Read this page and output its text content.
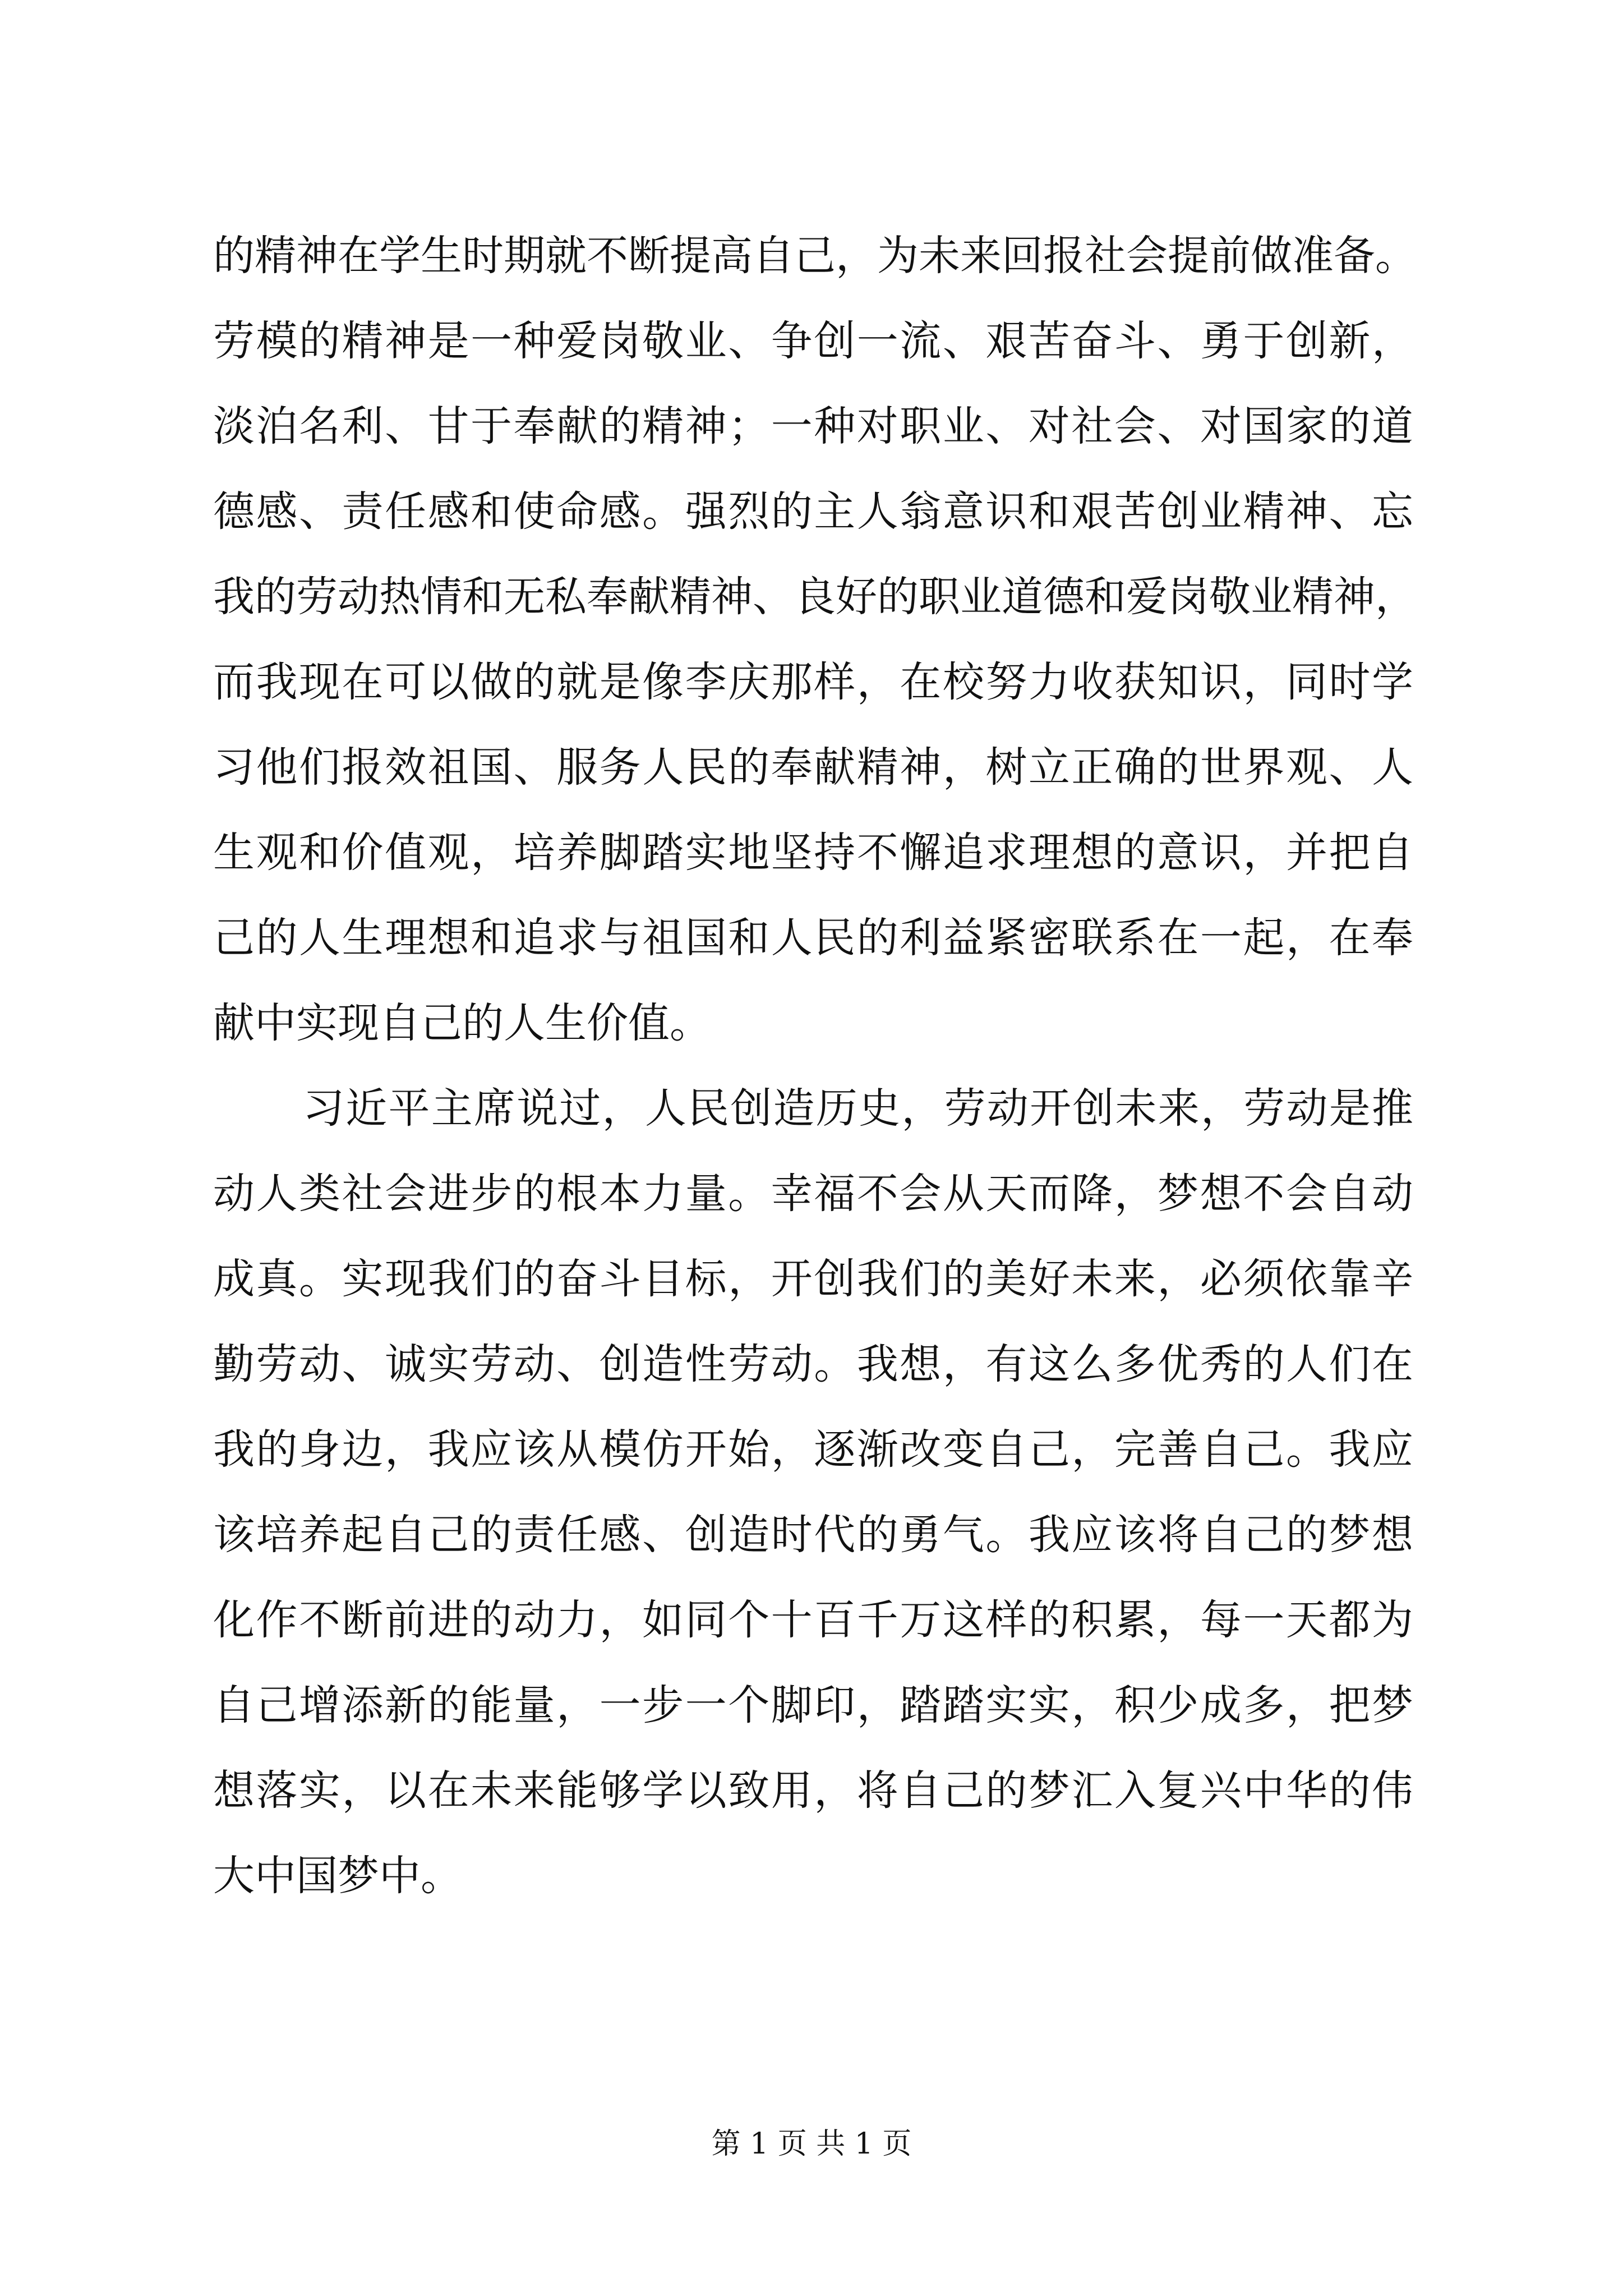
的精神在学生时期就不断提高自己，为未来回报社会提前做准备。
劳模的精神是一种爱岗敬业、争创一流、艰苦奋斗、勇于创新，
淡泊名利、甘于奉献的精神；一种对职业、对社会、对国家的道
德感、责任感和使命感。强烈的主人翁意识和艰苦创业精神、忘
我的劳动热情和无私奉献精神、良好的职业道德和爱岗敬业精神，
而我现在可以做的就是像李庆那样，在校努力收获知识，同时学
习他们报效祖国、服务人民的奉献精神，树立正确的世界观、人
生观和价值观，培养脚踏实地坚持不懈追求理想的意识，并把自
己的人生理想和追求与祖国和人民的利益紧密联系在一起，在奉
献中实现自己的人生价值。
习近平主席说过，人民创造历史，劳动开创未来，劳动是推
动人类社会进步的根本力量。幸福不会从天而降，梦想不会自动
成真。实现我们的奋斗目标，开创我们的美好未来，必须依靠辛
勤劳动、诚实劳动、创造性劳动。我想，有这么多优秀的人们在
我的身边，我应该从模仿开始，逐渐改变自己，完善自己。我应
该培养起自己的责任感、创造时代的勇气。我应该将自己的梦想
化作不断前进的动力，如同个十百千万这样的积累，每一天都为
自己增添新的能量，一步一个脚印，踏踏实实，积少成多，把梦
想落实，以在未来能够学以致用，将自己的梦汇入复兴中华的伟
大中国梦中。
第 1 页 共 1 页
